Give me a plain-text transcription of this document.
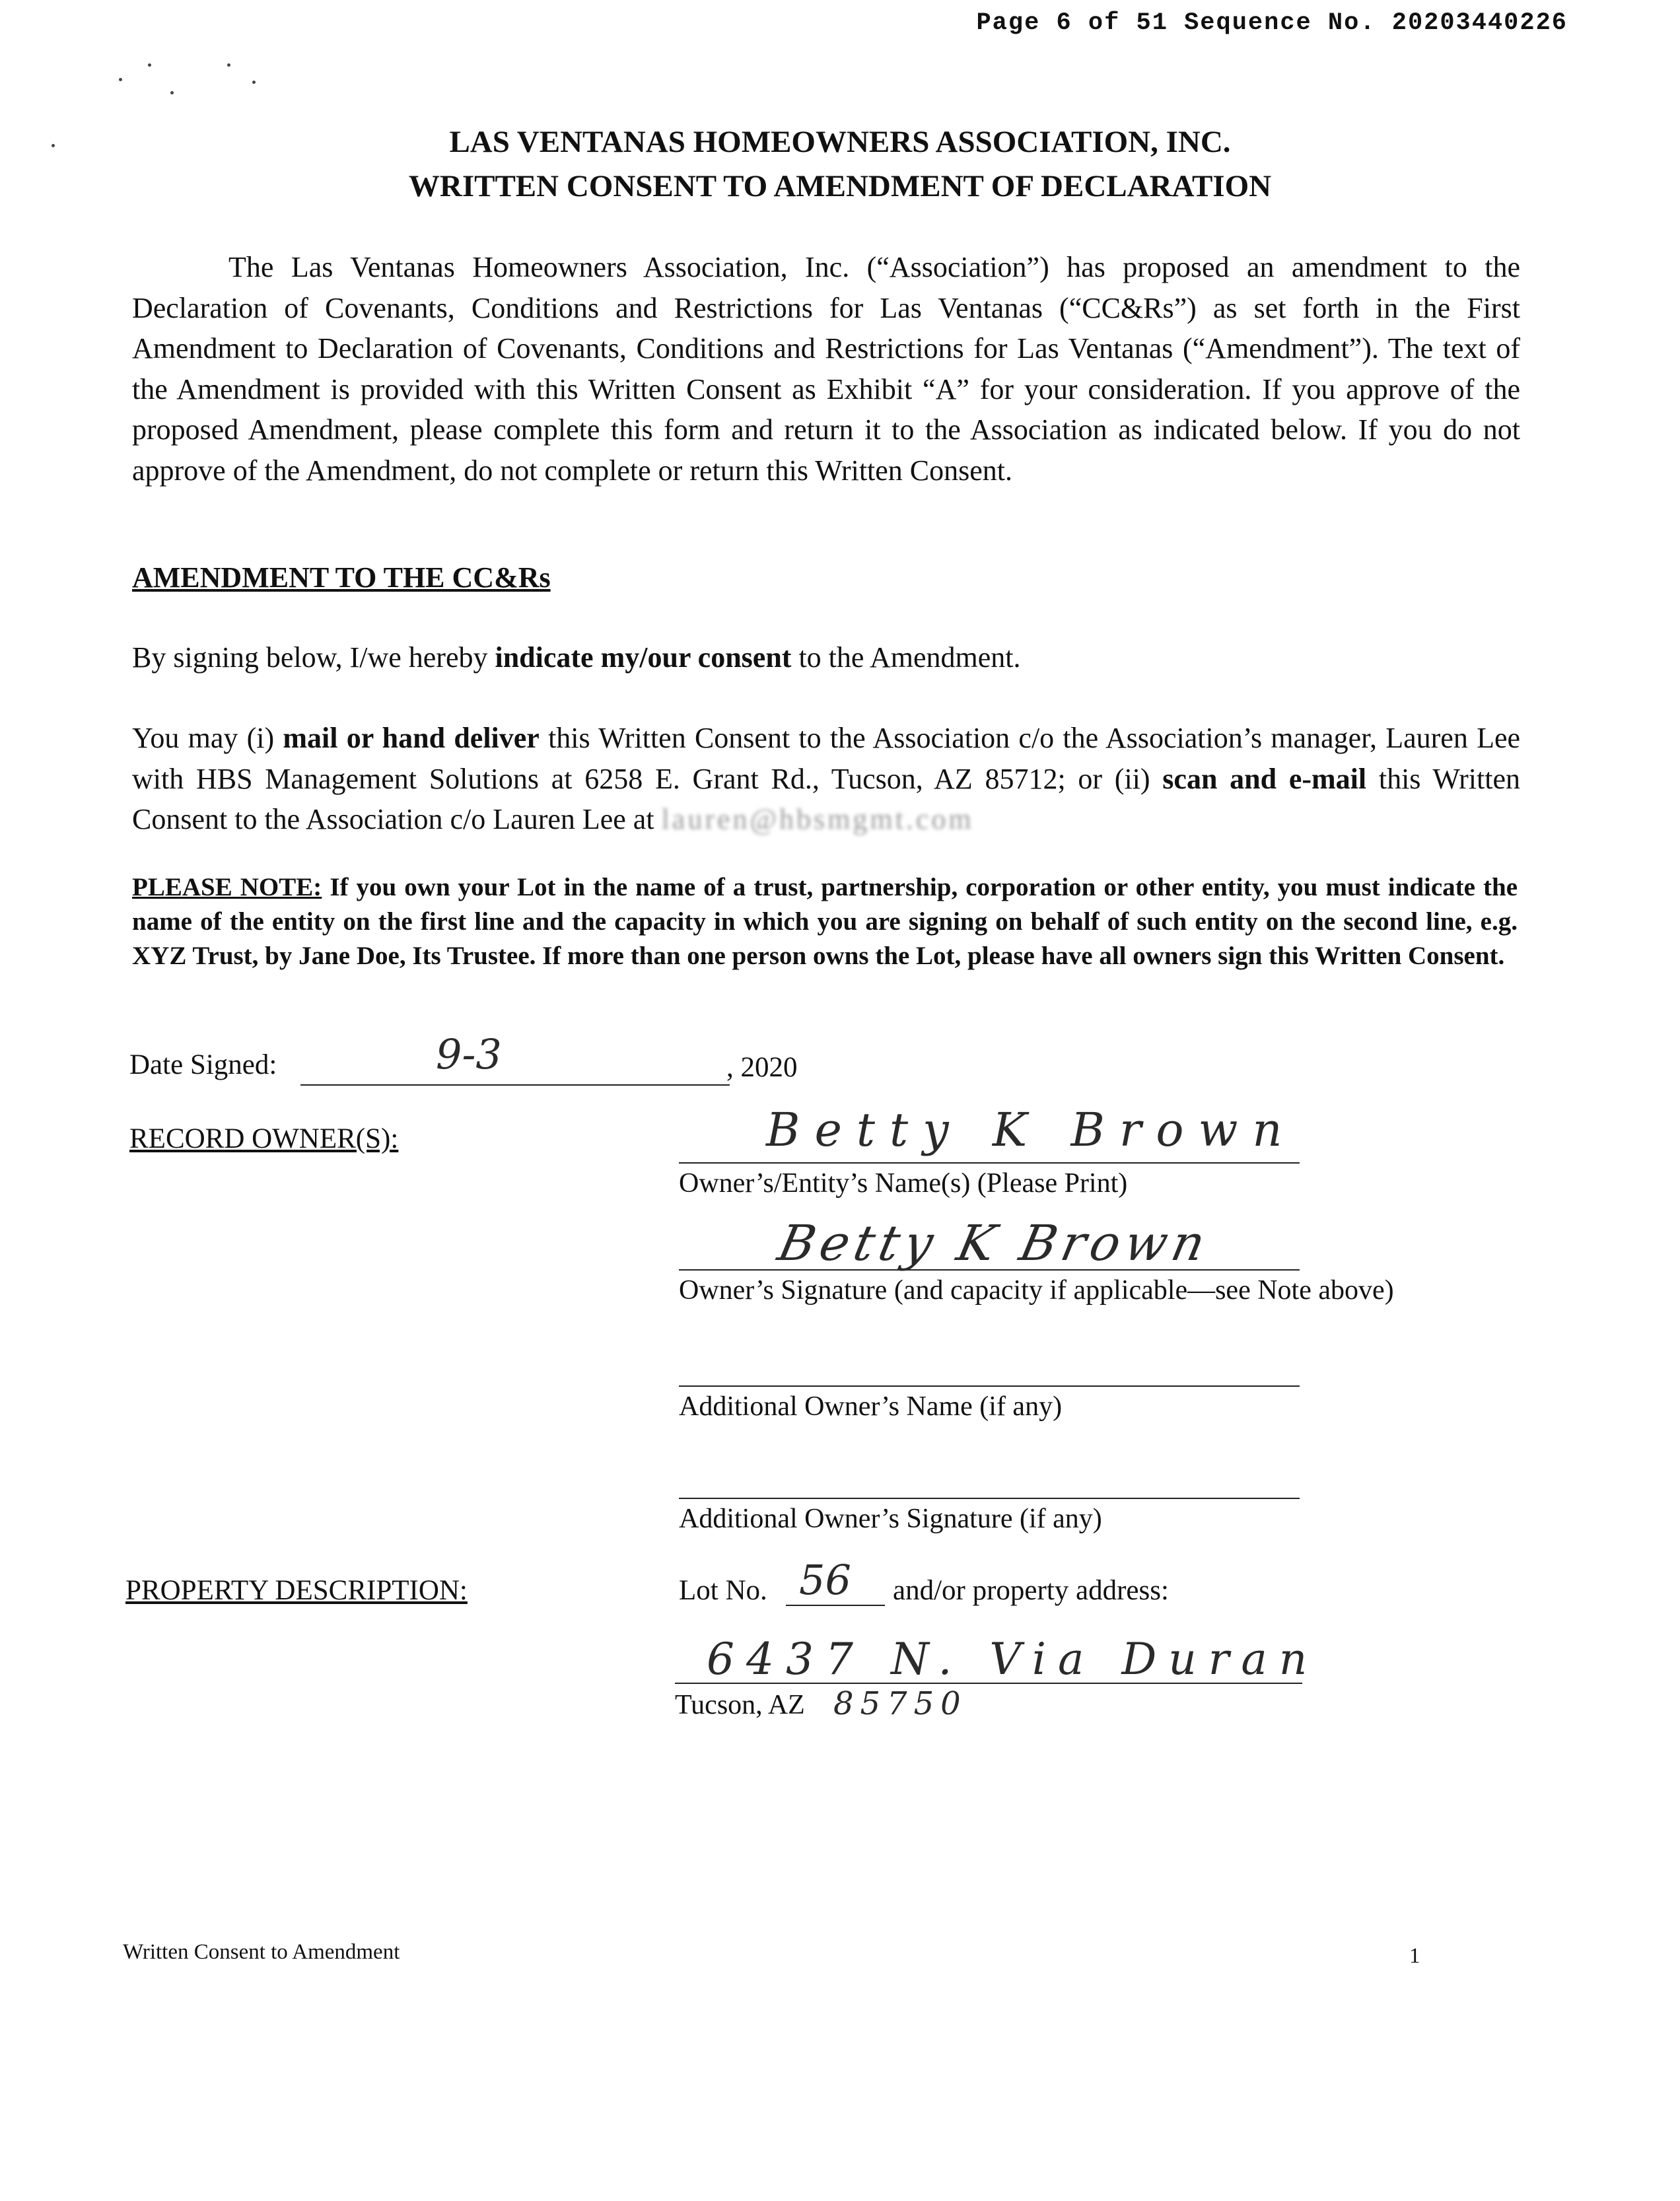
Page 6 of 51 Sequence No. 20203440226
LAS VENTANAS HOMEOWNERS ASSOCIATION, INC.
WRITTEN CONSENT TO AMENDMENT OF DECLARATION
The Las Ventanas Homeowners Association, Inc. (“Association”) has proposed an amendment to the Declaration of Covenants, Conditions and Restrictions for Las Ventanas (“CC&Rs”) as set forth in the First Amendment to Declaration of Covenants, Conditions and Restrictions for Las Ventanas (“Amendment”). The text of the Amendment is provided with this Written Consent as Exhibit “A” for your consideration. If you approve of the proposed Amendment, please complete this form and return it to the Association as indicated below. If you do not approve of the Amendment, do not complete or return this Written Consent.
AMENDMENT TO THE CC&Rs
By signing below, I/we hereby indicate my/our consent to the Amendment.
You may (i) mail or hand deliver this Written Consent to the Association c/o the Association’s manager, Lauren Lee with HBS Management Solutions at 6258 E. Grant Rd., Tucson, AZ 85712; or (ii) scan and e-mail this Written Consent to the Association c/o Lauren Lee at lauren@hbsmgmt.com
PLEASE NOTE: If you own your Lot in the name of a trust, partnership, corporation or other entity, you must indicate the name of the entity on the first line and the capacity in which you are signing on behalf of such entity on the second line, e.g. XYZ Trust, by Jane Doe, Its Trustee. If more than one person owns the Lot, please have all owners sign this Written Consent.
Date Signed:	9-3	, 2020
RECORD OWNER(S):	Betty K Brown
Owner’s/Entity’s Name(s) (Please Print)
Betty K Brown
Owner’s Signature (and capacity if applicable—see Note above)
Additional Owner’s Name (if any)
Additional Owner’s Signature (if any)
PROPERTY DESCRIPTION:	Lot No. 56 and/or property address:
6437 N. Via Duran
Tucson, AZ 85750
Written Consent to Amendment	1
